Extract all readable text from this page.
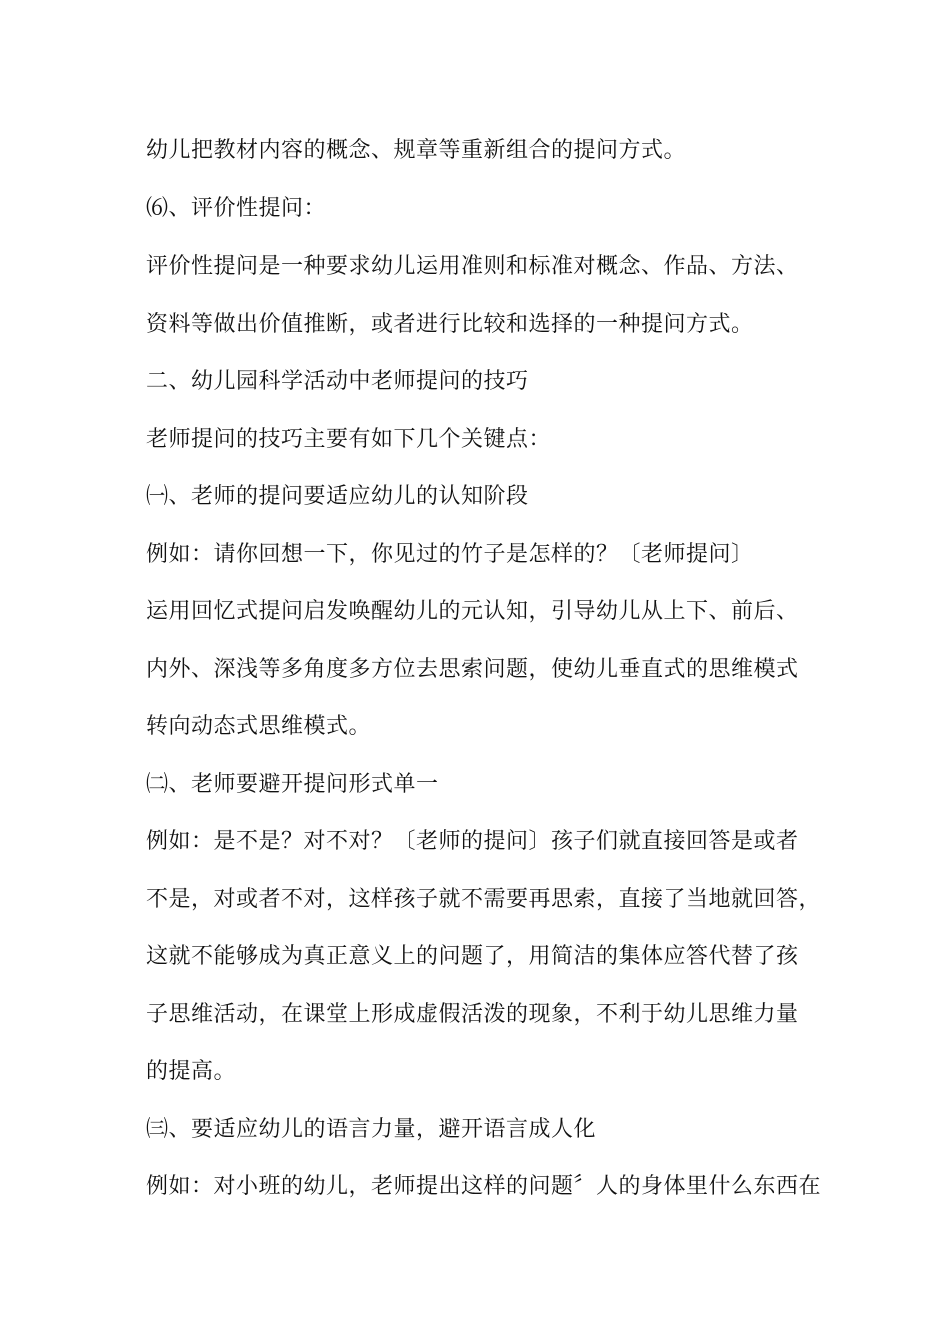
幼儿把教材内容的概念、规章等重新组合的提问方式。
⑹、评价性提问：
评价性提问是一种要求幼儿运用准则和标准对概念、作品、方法、
资料等做出价值推断，或者进行比较和选择的一种提问方式。
二、幼儿园科学活动中老师提问的技巧
老师提问的技巧主要有如下几个关键点：
㈠、老师的提问要适应幼儿的认知阶段
例如：请你回想一下，你见过的竹子是怎样的？〔老师提问〕
运用回忆式提问启发唤醒幼儿的元认知，引导幼儿从上下、前后、
内外、深浅等多角度多方位去思索问题，使幼儿垂直式的思维模式
转向动态式思维模式。
㈡、老师要避开提问形式单一
例如：是不是？对不对？〔老师的提问〕孩子们就直接回答是或者
不是，对或者不对，这样孩子就不需要再思索，直接了当地就回答，
这就不能够成为真正意义上的问题了，用简洁的集体应答代替了孩
子思维活动，在课堂上形成虚假活泼的现象，不利于幼儿思维力量
的提高。
㈢、要适应幼儿的语言力量，避开语言成人化
例如：对小班的幼儿，老师提出这样的问题〞人的身体里什么东西在
